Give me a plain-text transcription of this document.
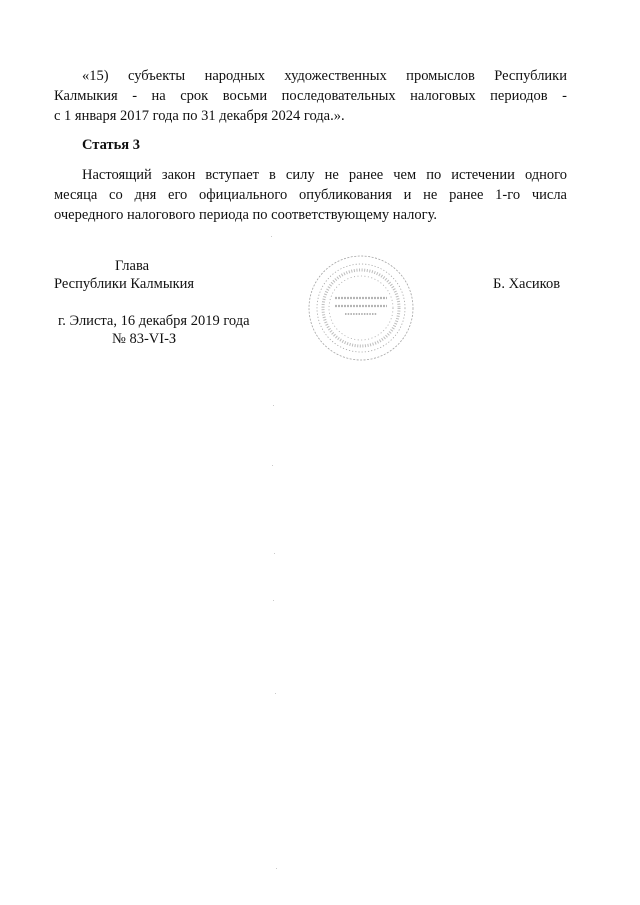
«15) субъекты народных художественных промыслов Республики
Калмыкия - на срок восьми последовательных налоговых периодов -
с 1 января 2017 года по 31 декабря 2024 года.».
Статья 3
Настоящий закон вступает в силу не ранее чем по истечении одного
месяца со дня его официального опубликования и не ранее 1-го числа
очередного налогового периода по соответствующему налогу.
Глава
Республики Калмыкия	Б. Хасиков
г. Элиста, 16 декабря 2019 года
№ 83-VI-З
